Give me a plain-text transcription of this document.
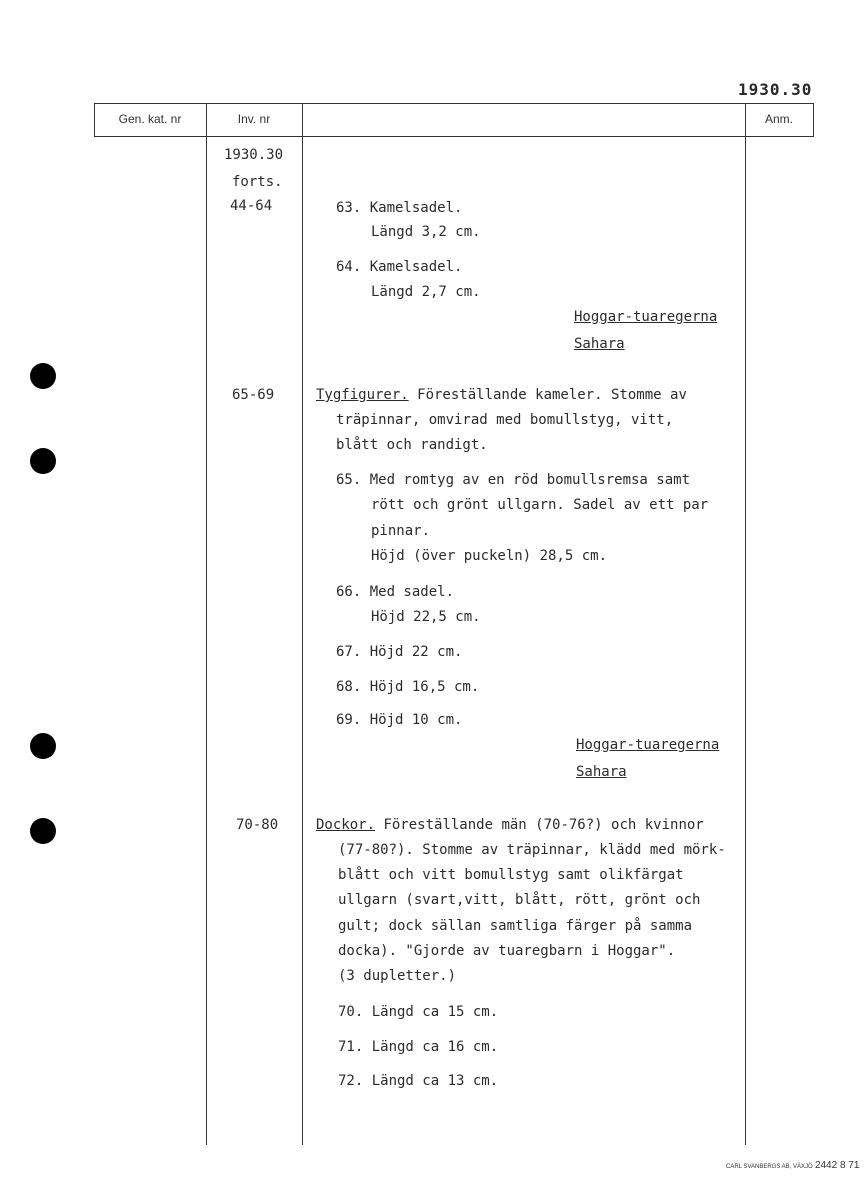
1930.30
Gen. kat. nr	Inv. nr	Anm.
1930.30
forts.
44-64
65-69
70-80
63. Kamelsadel.
Längd 3,2 cm.
64. Kamelsadel.
Längd 2,7 cm.
Hoggar-tuaregerna
Sahara
Tygfigurer. Föreställande kameler. Stomme av
träpinnar, omvirad med bomullstyg, vitt,
blått och randigt.
65. Med romtyg av en röd bomullsremsa samt
rött och grönt ullgarn. Sadel av ett par
pinnar.
Höjd (över puckeln) 28,5 cm.
66. Med sadel.
Höjd 22,5 cm.
67. Höjd 22 cm.
68. Höjd 16,5 cm.
69. Höjd 10 cm.
Hoggar-tuaregerna
Sahara
Dockor. Föreställande män (70-76?) och kvinnor
(77-80?). Stomme av träpinnar, klädd med mörk-
blått och vitt bomullstyg samt olikfärgat
ullgarn (svart,vitt, blått, rött, grönt och
gult; dock sällan samtliga färger på samma
docka). "Gjorde av tuaregbarn i Hoggar".
(3 dupletter.)
70. Längd ca 15 cm.
71. Längd ca 16 cm.
72. Längd ca 13 cm.
CARL SVANBERGS AB, VÄXJÖ 2442 8 71
